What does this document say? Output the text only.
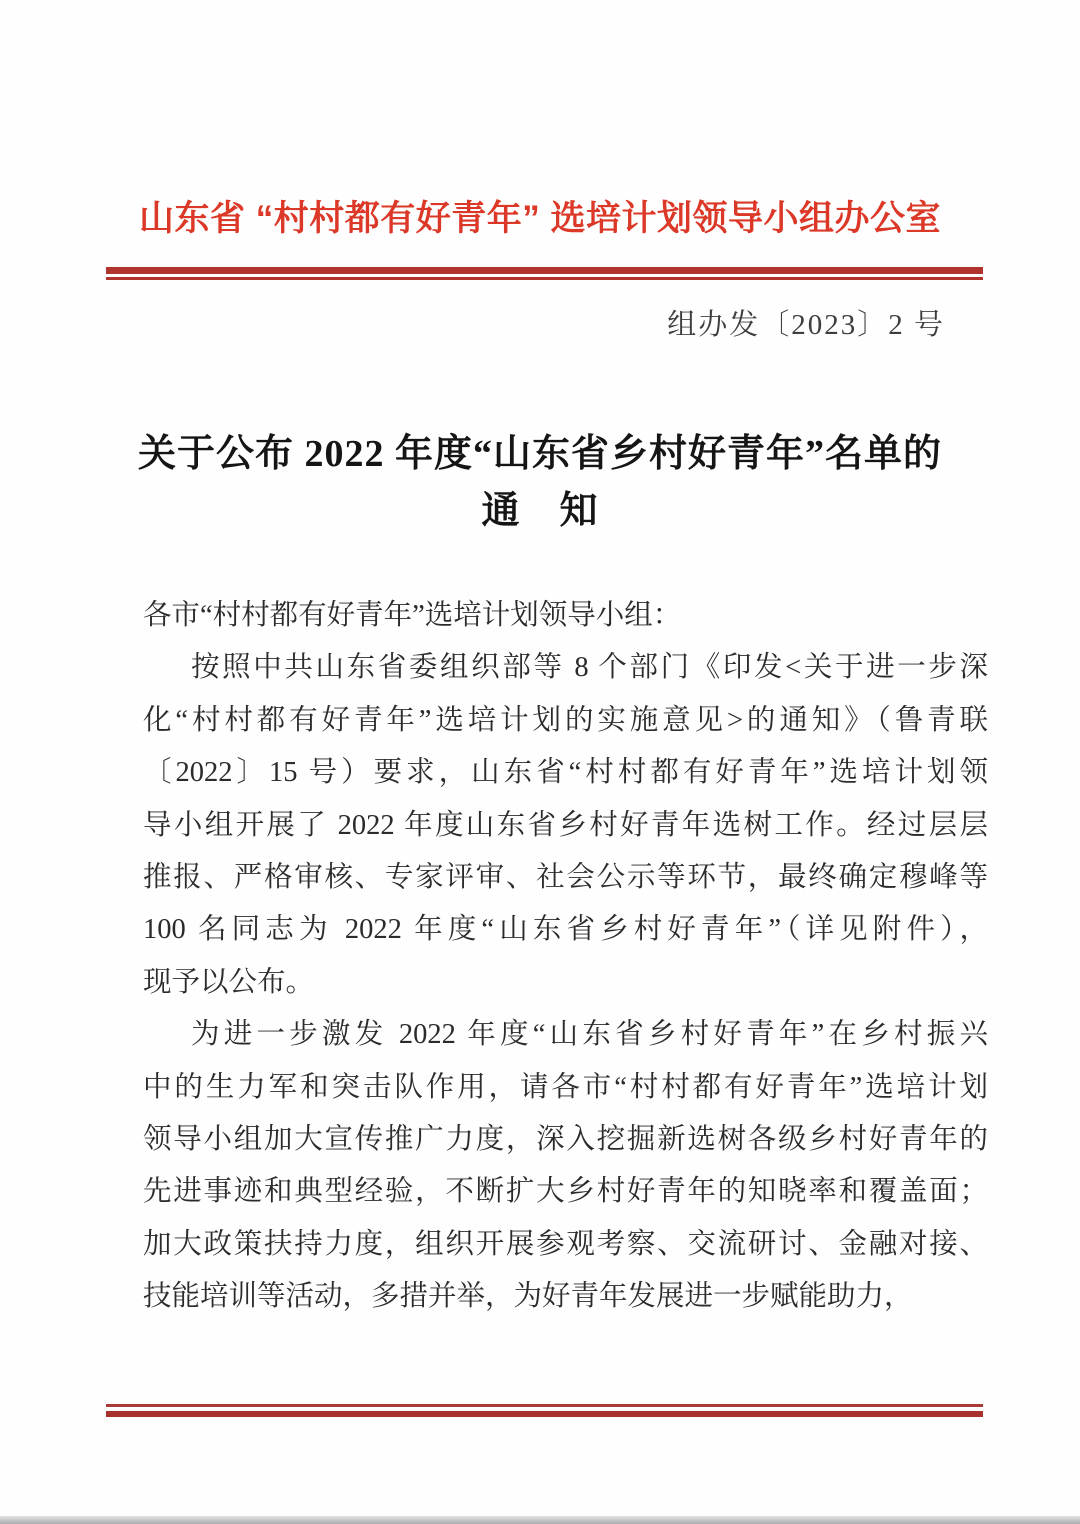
山东省 “村村都有好青年” 选培计划领导小组办公室
组办发〔2023〕2 号
关于公布 2022 年度“山东省乡村好青年”名单的
通　知
各市“村村都有好青年”选培计划领导小组：
按照中共山东省委组织部等 8 个部门《印发<关于进一步深
化“村村都有好青年”选培计划的实施意见>的通知》（鲁青联
〔2022〕15 号）要求，山东省“村村都有好青年”选培计划领
导小组开展了 2022 年度山东省乡村好青年选树工作。经过层层
推报、严格审核、专家评审、社会公示等环节，最终确定穆峰等
100 名同志为 2022 年度“山东省乡村好青年”（详见附件），
现予以公布。
为进一步激发 2022 年度“山东省乡村好青年”在乡村振兴
中的生力军和突击队作用，请各市“村村都有好青年”选培计划
领导小组加大宣传推广力度，深入挖掘新选树各级乡村好青年的
先进事迹和典型经验，不断扩大乡村好青年的知晓率和覆盖面；
加大政策扶持力度，组织开展参观考察、交流研讨、金融对接、
技能培训等活动，多措并举，为好青年发展进一步赋能助力，
